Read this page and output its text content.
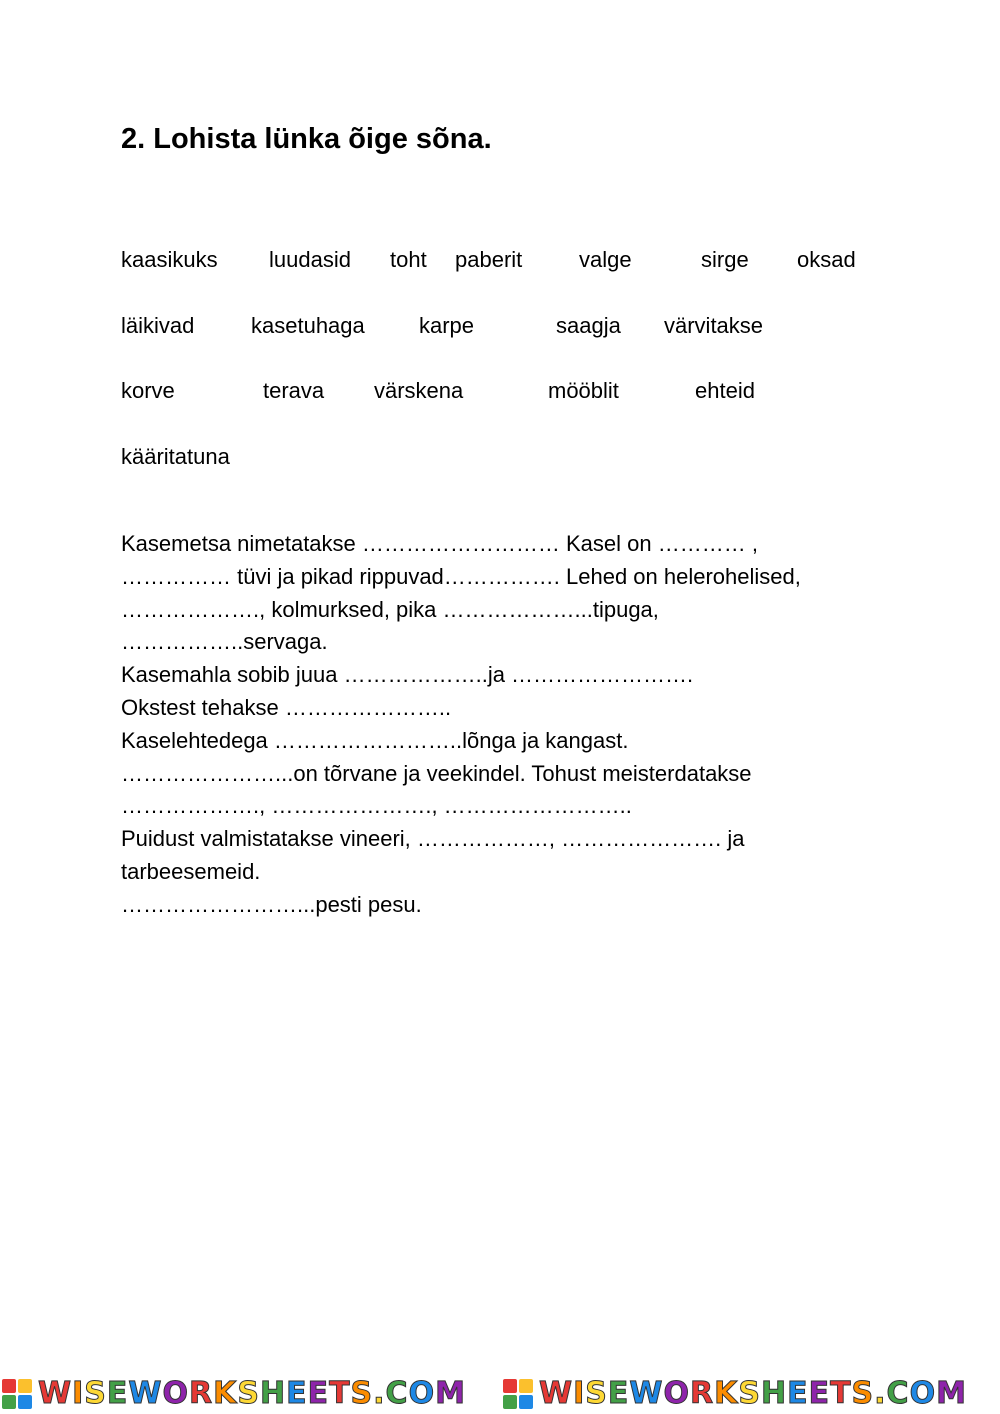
2. Lohista lünka õige sõna.
kaasikuks luudasid toht paberit	valge	sirge oksad
läikivad	kasetuhaga karpe	saagja värvitakse
korve	terava värskena	mööblit	ehteid
kääritatuna
Kasemetsa nimetatakse ……………………… Kasel on ………… ,
…………… tüvi ja pikad rippuvad……………. Lehed on helerohelised,
………………., kolmurksed, pika ………………...tipuga,
……………..servaga.
Kasemahla sobib juua ………………..ja …………………….
Okstest tehakse …………………..
Kaselehtedega ……………………..lõnga ja kangast.
…………………...on tõrvane ja veekindel. Tohust meisterdatakse
………………., …………………., ……………………..
Puidust valmistatakse vineeri, ………………, …………………. ja
tarbeesemeid.
……………………...pesti pesu.
WISEWORKSHEETS.COM WISEWORKSHEETS.COM
